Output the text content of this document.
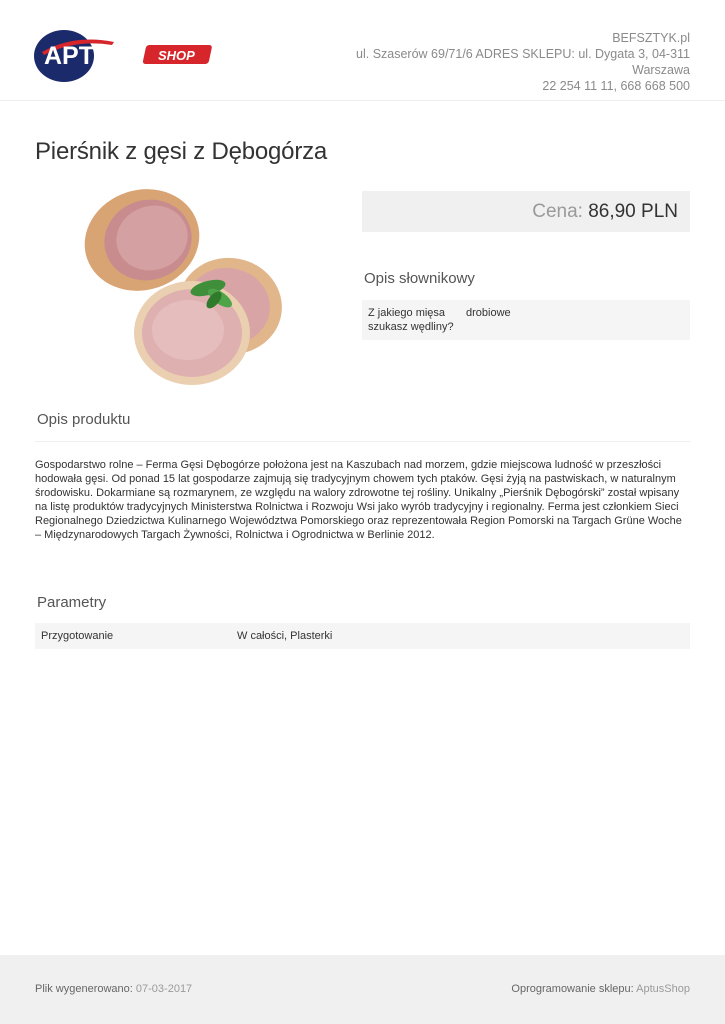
APTUS SHOP
BEFSZTYK.pl
ul. Szaserów 69/71/6 ADRES SKLEPU: ul. Dygata 3, 04-311
Warszawa
22 254 11 11, 668 668 500
Pierśnik z gęsi z Dębogórza
Cena: 86,90 PLN
Opis słownikowy
Z jakiego mięsa szukasz wędliny?
drobiowe
Opis produktu

Gospodarstwo rolne – Ferma Gęsi Dębogórze położona jest na Kaszubach nad morzem, gdzie miejscowa ludność w przeszłości hodowała gęsi. Od ponad 15 lat gospodarze zajmują się tradycyjnym chowem tych ptaków. Gęsi żyją na pastwiskach, w naturalnym środowisku. Dokarmiane są rozmarynem, ze względu na walory zdrowotne tej rośliny. Unikalny „Pierśnik Dębogórski” został wpisany na listę produktów tradycyjnych Ministerstwa Rolnictwa i Rozwoju Wsi jako wyrób tradycyjny i regionalny. Ferma jest członkiem Sieci Regionalnego Dziedzictwa Kulinarnego Województwa Pomorskiego oraz reprezentowała Region Pomorski na Targach Grüne Woche – Międzynarodowych Targach Żywności, Rolnictwa i Ogrodnictwa w Berlinie 2012.

Parametry
Przygotowanie	W całości, Plasterki
Plik wygenerowano: 07-03-2017	Oprogramowanie sklepu: AptusShop
